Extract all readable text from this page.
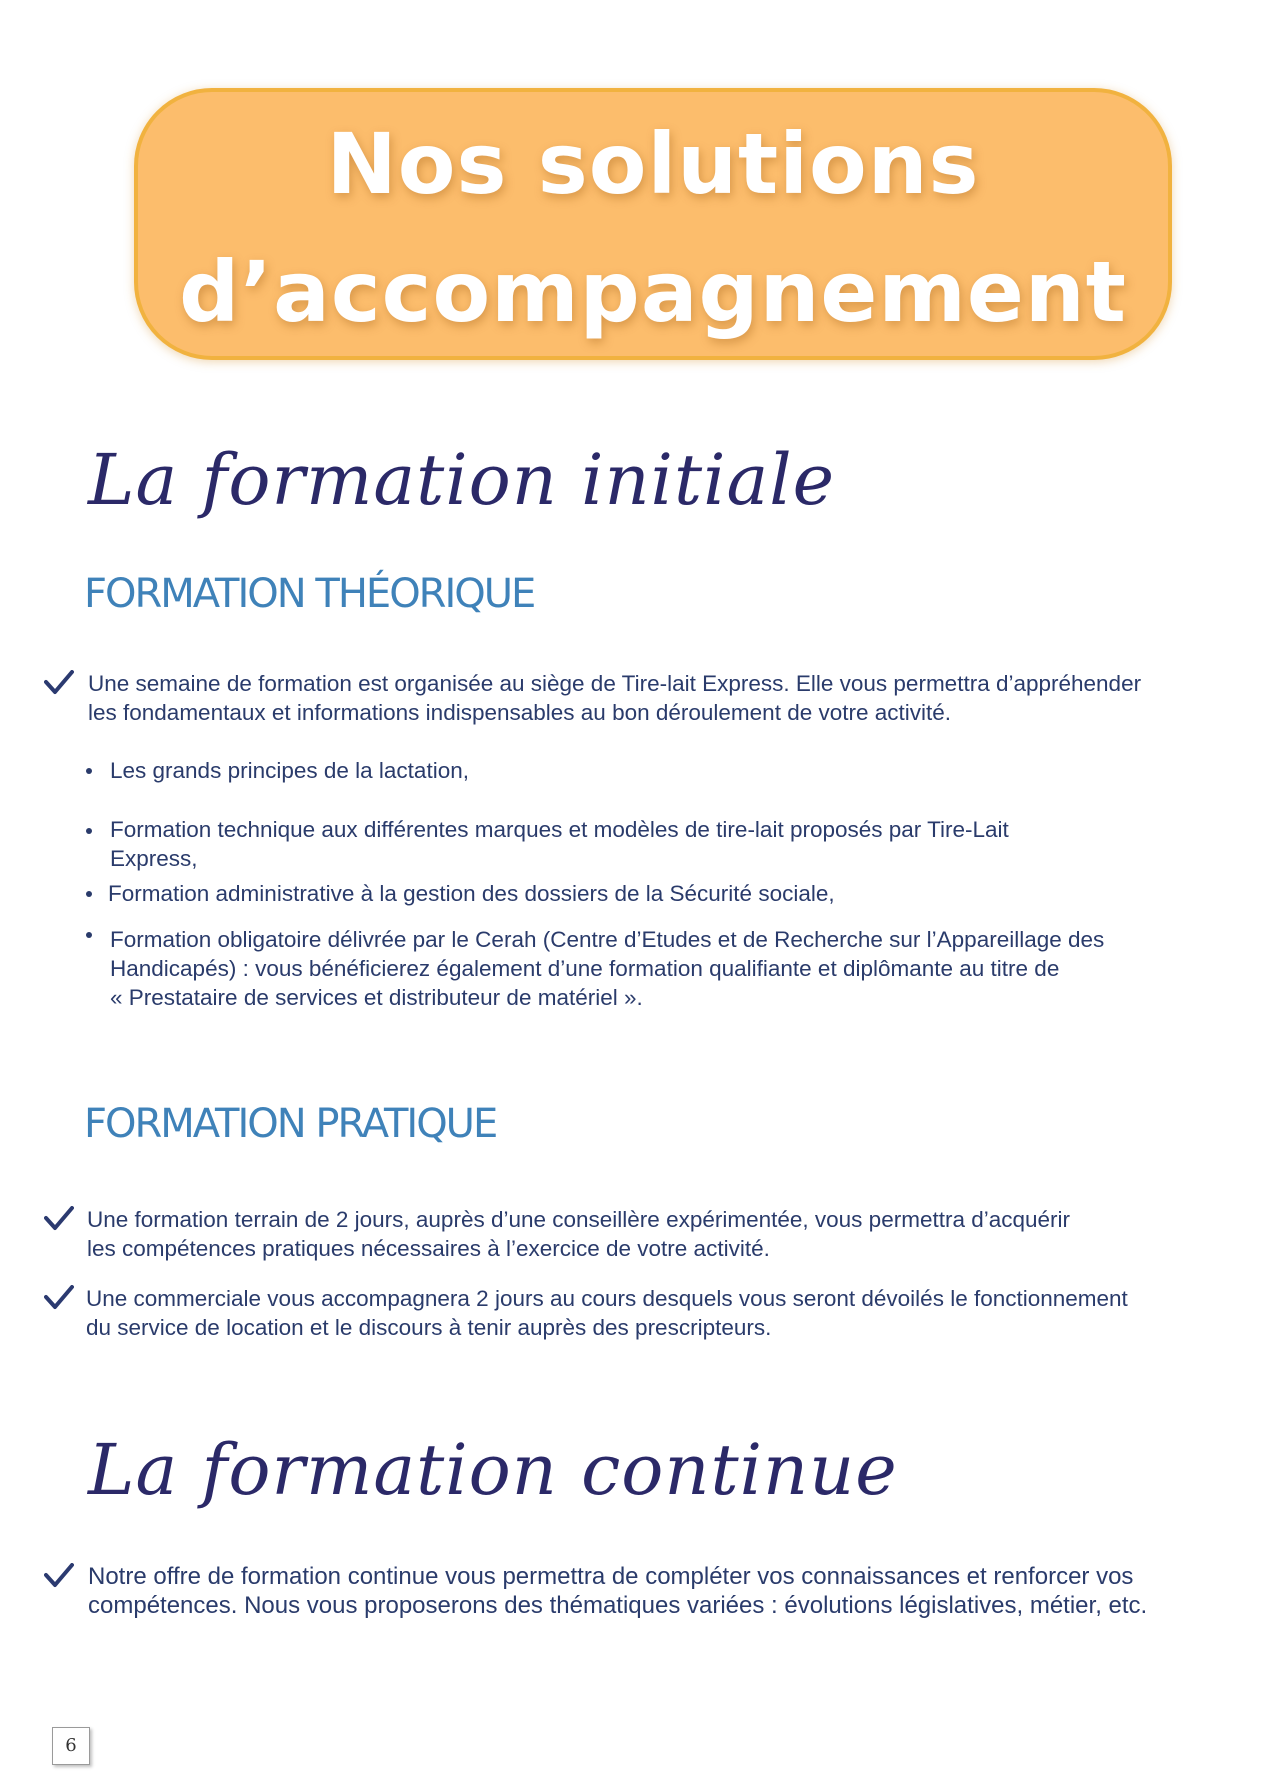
Nos solutions
d’accompagnement
La formation initiale
FORMATION THÉORIQUE
Une semaine de formation est organisée au siège de Tire-lait Express. Elle vous permettra d’appréhender
les fondamentaux et informations indispensables au bon déroulement de votre activité.
Les grands principes de la lactation,
Formation technique aux différentes marques et modèles de tire-lait proposés par Tire-Lait
Express,
Formation administrative à la gestion des dossiers de la Sécurité sociale,
Formation obligatoire délivrée par le Cerah (Centre d’Etudes et de Recherche sur l’Appareillage des
Handicapés) : vous bénéficierez également d’une formation qualifiante et diplômante au titre de
« Prestataire de services et distributeur de matériel ».
FORMATION PRATIQUE
Une formation terrain de 2 jours, auprès d’une conseillère expérimentée, vous permettra d’acquérir
les compétences pratiques nécessaires à l’exercice de votre activité.
Une commerciale vous accompagnera 2 jours au cours desquels vous seront dévoilés le fonctionnement
du service de location et le discours à tenir auprès des prescripteurs.
La formation continue
Notre offre de formation continue vous permettra de compléter vos connaissances et renforcer vos
compétences. Nous vous proposerons des thématiques variées : évolutions législatives, métier, etc.
6
